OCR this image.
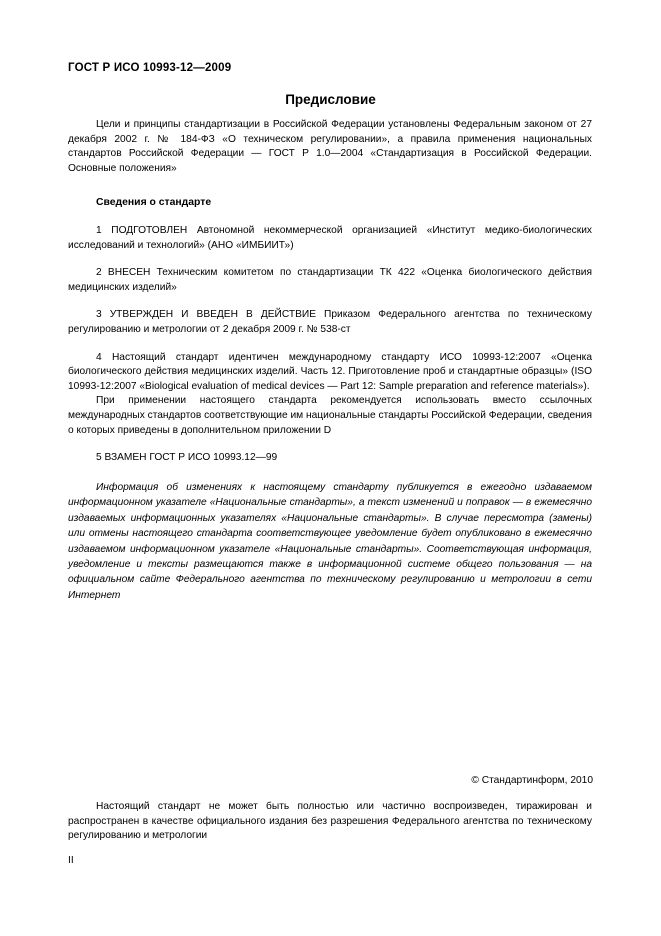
ГОСТ Р ИСО 10993-12—2009
Предисловие

Цели и принципы стандартизации в Российской Федерации установлены Федеральным законом от 27 декабря 2002 г. № 184-ФЗ «О техническом регулировании», а правила применения национальных стандартов Российской Федерации — ГОСТ Р 1.0—2004 «Стандартизация в Российской Федерации. Основные положения»

Сведения о стандарте

1 ПОДГОТОВЛЕН Автономной некоммерческой организацией «Институт медико-биологических исследований и технологий» (АНО «ИМБИИТ»)

2 ВНЕСЕН Техническим комитетом по стандартизации ТК 422 «Оценка биологического действия медицинских изделий»

3 УТВЕРЖДЕН И ВВЕДЕН В ДЕЙСТВИЕ Приказом Федерального агентства по техническому регулированию и метрологии от 2 декабря 2009 г. № 538-ст

4 Настоящий стандарт идентичен международному стандарту ИСО 10993-12:2007 «Оценка биологического действия медицинских изделий. Часть 12. Приготовление проб и стандартные образцы» (ISO 10993-12:2007 «Biological evaluation of medical devices — Part 12: Sample preparation and reference materials»).

При применении настоящего стандарта рекомендуется использовать вместо ссылочных международных стандартов соответствующие им национальные стандарты Российской Федерации, сведения о которых приведены в дополнительном приложении D

5 ВЗАМЕН ГОСТ Р ИСО 10993.12—99

Информация об изменениях к настоящему стандарту публикуется в ежегодно издаваемом информационном указателе «Национальные стандарты», а текст изменений и поправок — в ежемесячно издаваемых информационных указателях «Национальные стандарты». В случае пересмотра (замены) или отмены настоящего стандарта соответствующее уведомление будет опубликовано в ежемесячно издаваемом информационном указателе «Национальные стандарты». Соответствующая информация, уведомление и тексты размещаются также в информационной системе общего пользования — на официальном сайте Федерального агентства по техническому регулированию и метрологии в сети Интернет
© Стандартинформ, 2010
Настоящий стандарт не может быть полностью или частично воспроизведен, тиражирован и распространен в качестве официального издания без разрешения Федерального агентства по техническому регулированию и метрологии
II
